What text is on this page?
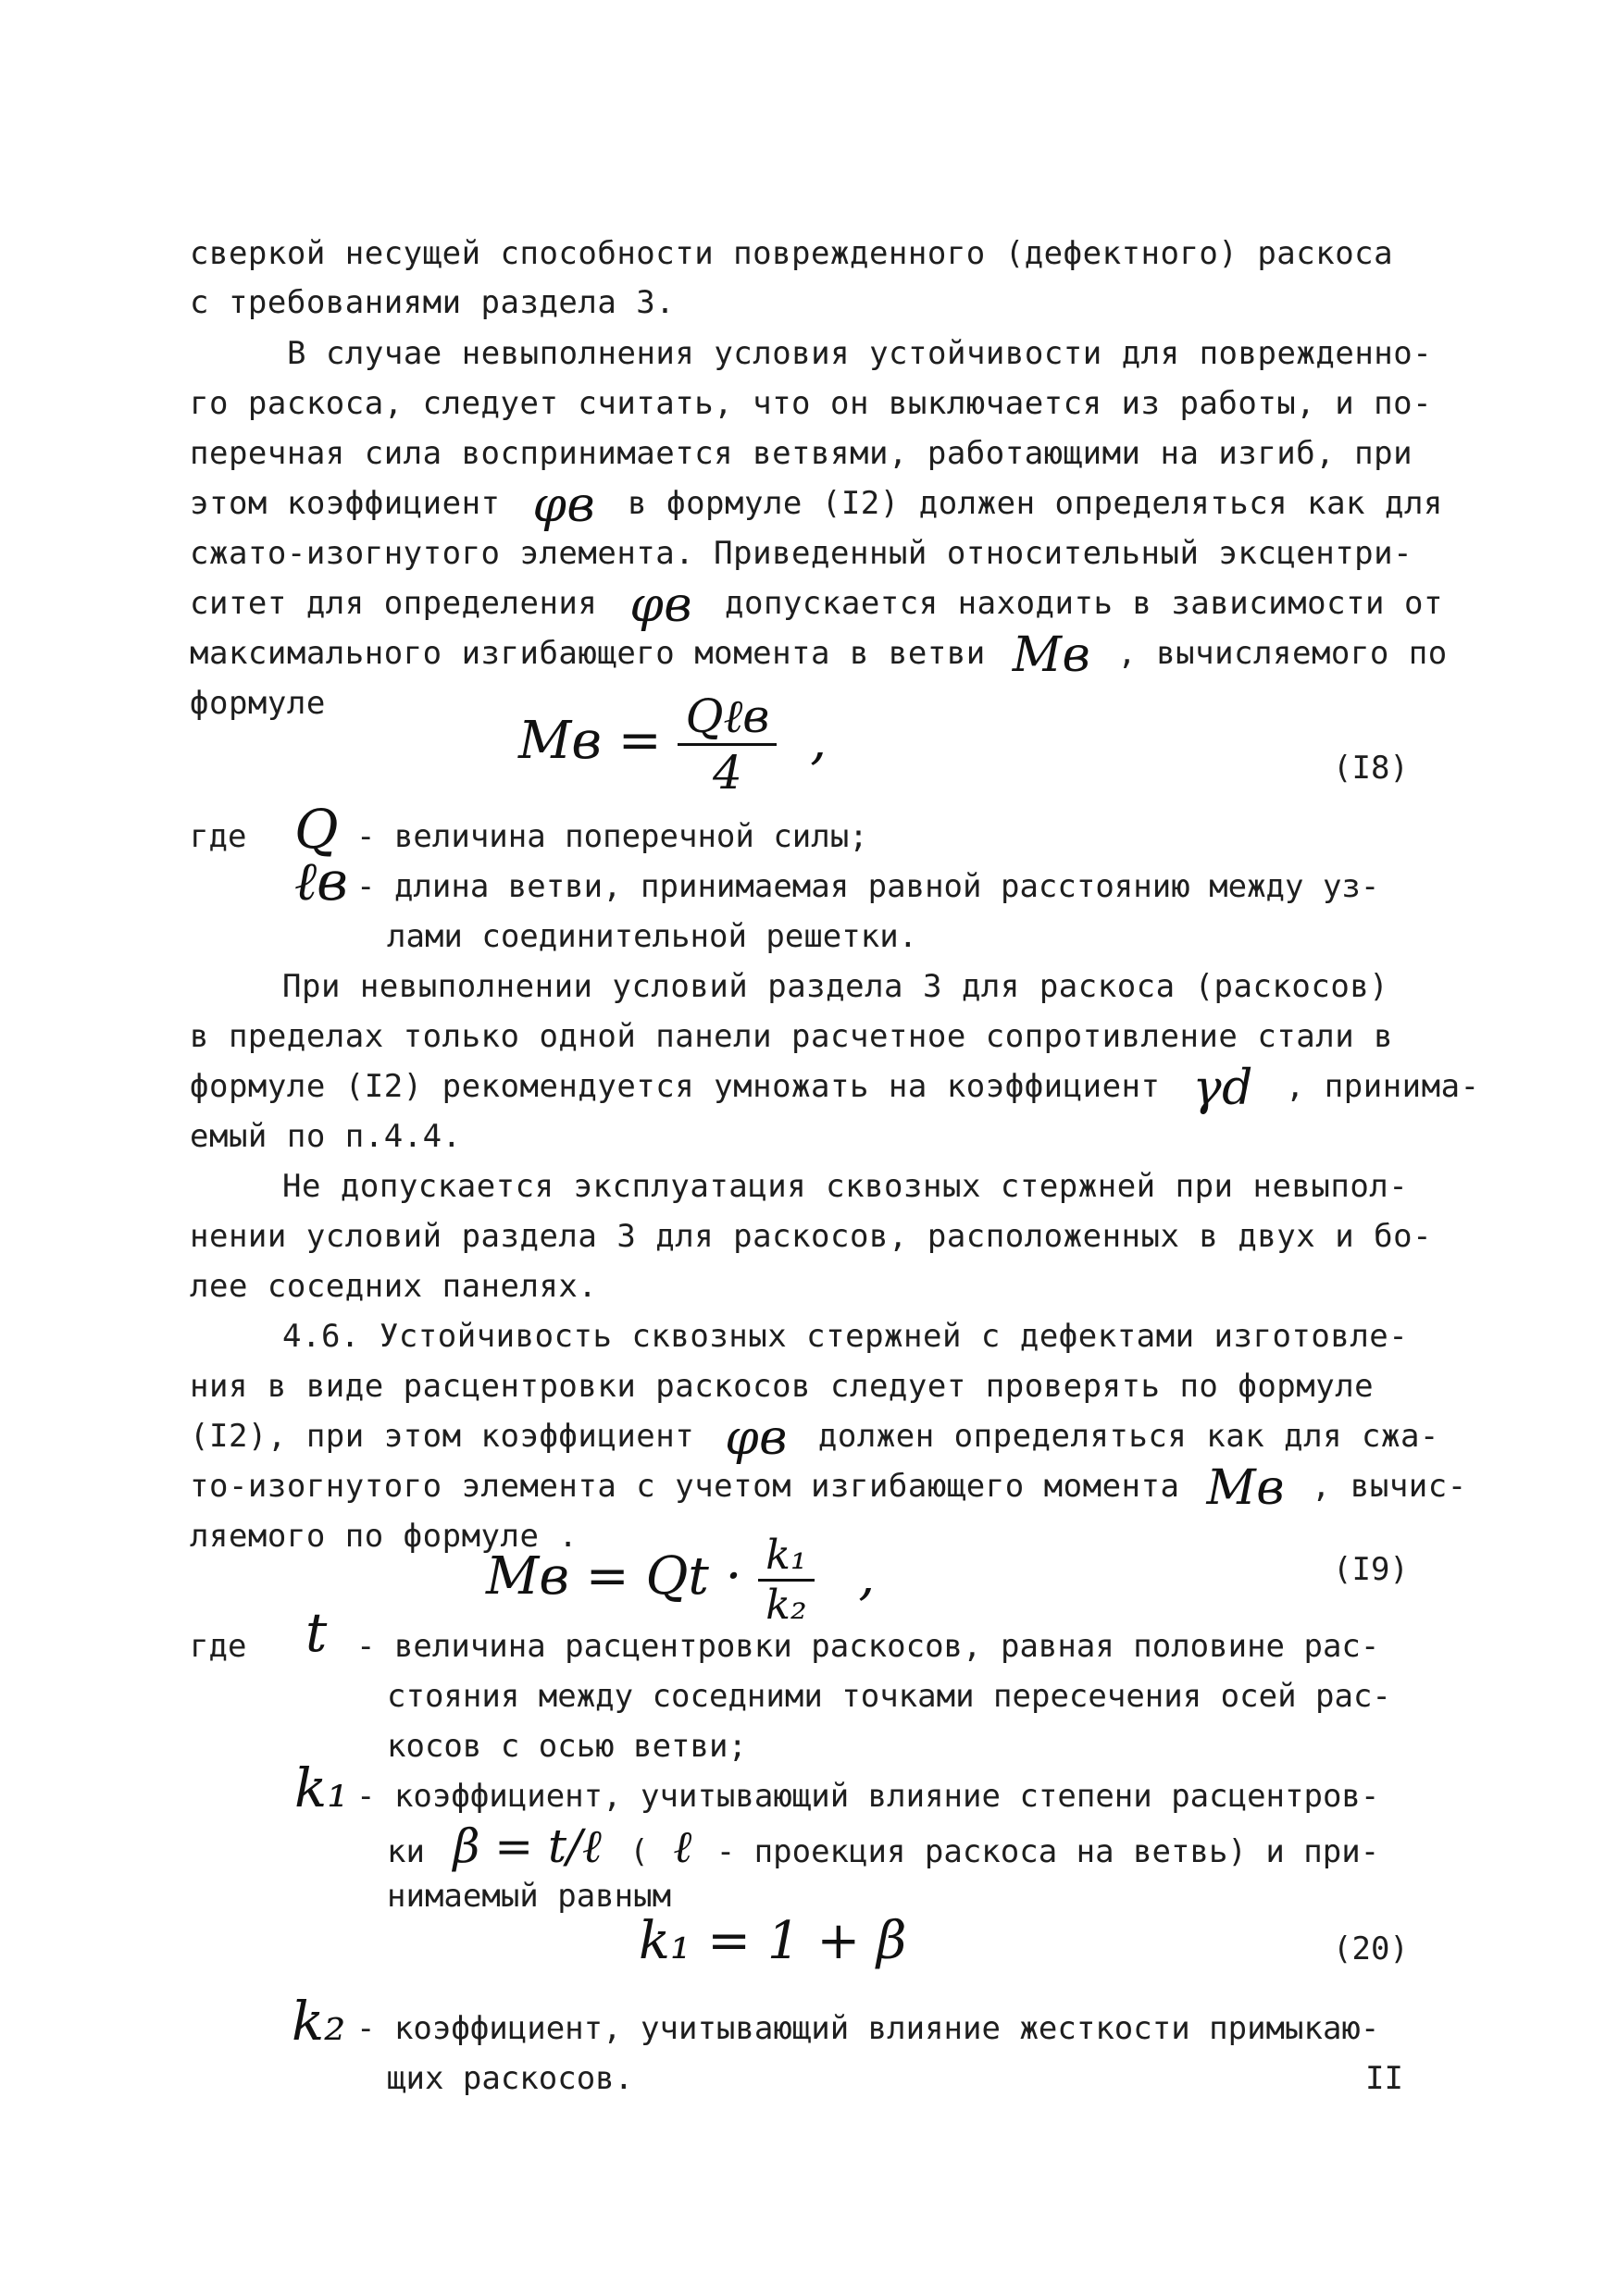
сверкой несущей способности поврежденного (дефектного) раскоса
с требованиями раздела 3.
В случае невыполнения условия устойчивости для поврежденно-
го раскоса, следует считать, что он выключается из работы, и по-
перечная сила воспринимается ветвями, работающими на изгиб, при
этом коэффициент φв в формуле (I2) должен определяться как для
сжато-изогнутого элемента. Приведенный относительный эксцентри-
ситет для определения φв допускается находить в зависимости от
максимального изгибающего момента в ветви Mв , вычисляемого по
формуле
Mв = $\frac{\text{Qℓв}}{4}$ ,	(I8)
где Q - величина поперечной силы;
ℓв - длина ветви, принимаемая равной расстоянию между уз-
лами соединительной решетки.
При невыполнении условий раздела 3 для раскоса (раскосов)
в пределах только одной панели расчетное сопротивление стали в
формуле (I2) рекомендуется умножать на коэффициент γd , принима-
емый по п.4.4.
Не допускается эксплуатация сквозных стержней при невыпол-
нении условий раздела 3 для раскосов, расположенных в двух и бо-
лее соседних панелях.
4.6. Устойчивость сквозных стержней с дефектами изготовле-
ния в виде расцентровки раскосов следует проверять по формуле
(I2), при этом коэффициент φв должен определяться как для сжа-
то-изогнутого элемента с учетом изгибающего момента Mв , вычис-
ляемого по формуле .
Mв = $Qt \cdot \frac{\text{k₁}}{\text{k₂}}$ ,	(I9)
где t - величина расцентровки раскосов, равная половине рас-
стояния между соседними точками пересечения осей рас-
косов с осью ветви;
k₁ - коэффициент, учитывающий влияние степени расцентров-
ки β = t/ℓ ( ℓ - проекция раскоса на ветвь) и при-
нимаемый равным
k₁ = 1 + β	(20)
k₂ - коэффициент, учитывающий влияние жесткости примыкаю-
щих раскосов.	II
